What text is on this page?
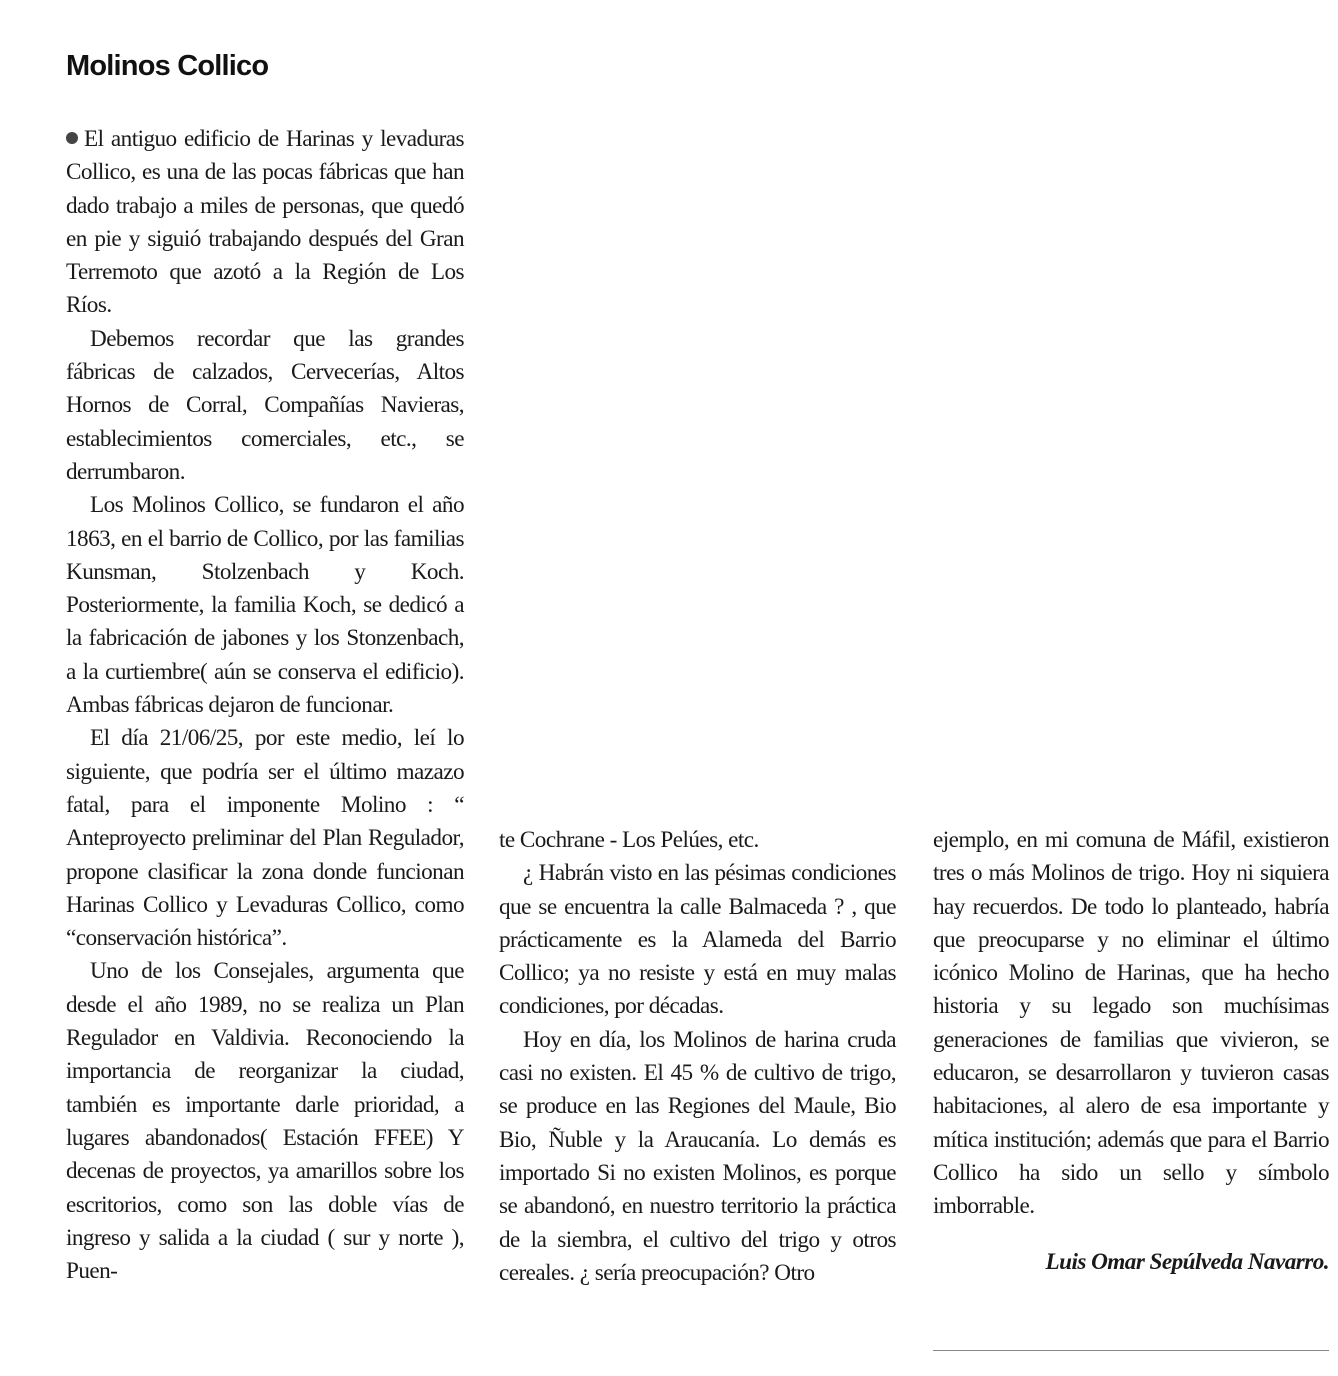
Molinos Collico

El antiguo edificio de Harinas y levaduras Collico, es una de las pocas fábricas que han dado trabajo a miles de personas, que quedó en pie y siguió trabajando después del Gran Terremoto que azotó a la Región de Los Ríos.

Debemos recordar que las grandes fábricas de calzados, Cervecerías, Altos Hornos de Corral, Compañías Navieras, establecimientos comerciales, etc., se derrumbaron.

Los Molinos Collico, se fundaron el año 1863, en el barrio de Collico, por las familias Kunsman, Stolzenbach y Koch. Posteriormente, la familia Koch, se dedicó a la fabricación de jabones y los Stonzenbach, a la curtiembre( aún se conserva el edificio). Ambas fábricas dejaron de funcionar.

El día 21/06/25, por este medio, leí lo siguiente, que podría ser el último mazazo fatal, para el imponente Molino : “ Anteproyecto preliminar del Plan Regulador, propone clasificar la zona donde funcionan Harinas Collico y Levaduras Collico, como “conservación histórica”.

Uno de los Consejales, argumenta que desde el año 1989, no se realiza un Plan Regulador en Valdivia. Reconociendo la importancia de reorganizar la ciudad, también es importante darle prioridad, a lugares abandonados( Estación FFEE) Y decenas de proyectos, ya amarillos sobre los escritorios, como son las doble vías de ingreso y salida a la ciudad ( sur y norte ), Puen-

te Cochrane - Los Pelúes, etc.

¿ Habrán visto en las pésimas condiciones que se encuentra la calle Balmaceda ? , que prácticamente es la Alameda del Barrio Collico; ya no resiste y está en muy malas condiciones, por décadas.

Hoy en día, los Molinos de harina cruda casi no existen. El 45 % de cultivo de trigo, se produce en las Regiones del Maule, Bio Bio, Ñuble y la Araucanía. Lo demás es importado Si no existen Molinos, es porque se abandonó, en nuestro territorio la práctica de la siembra, el cultivo del trigo y otros cereales. ¿ sería preocupación? Otro

ejemplo, en mi comuna de Máfil, existieron tres o más Molinos de trigo. Hoy ni siquiera hay recuerdos. De todo lo planteado, habría que preocuparse y no eliminar el último icónico Molino de Harinas, que ha hecho historia y su legado son muchísimas generaciones de familias que vivieron, se educaron, se desarrollaron y tuvieron casas habitaciones, al alero de esa importante y mítica institución; además que para el Barrio Collico ha sido un sello y símbolo imborrable.

Luis Omar Sepúlveda Navarro.
